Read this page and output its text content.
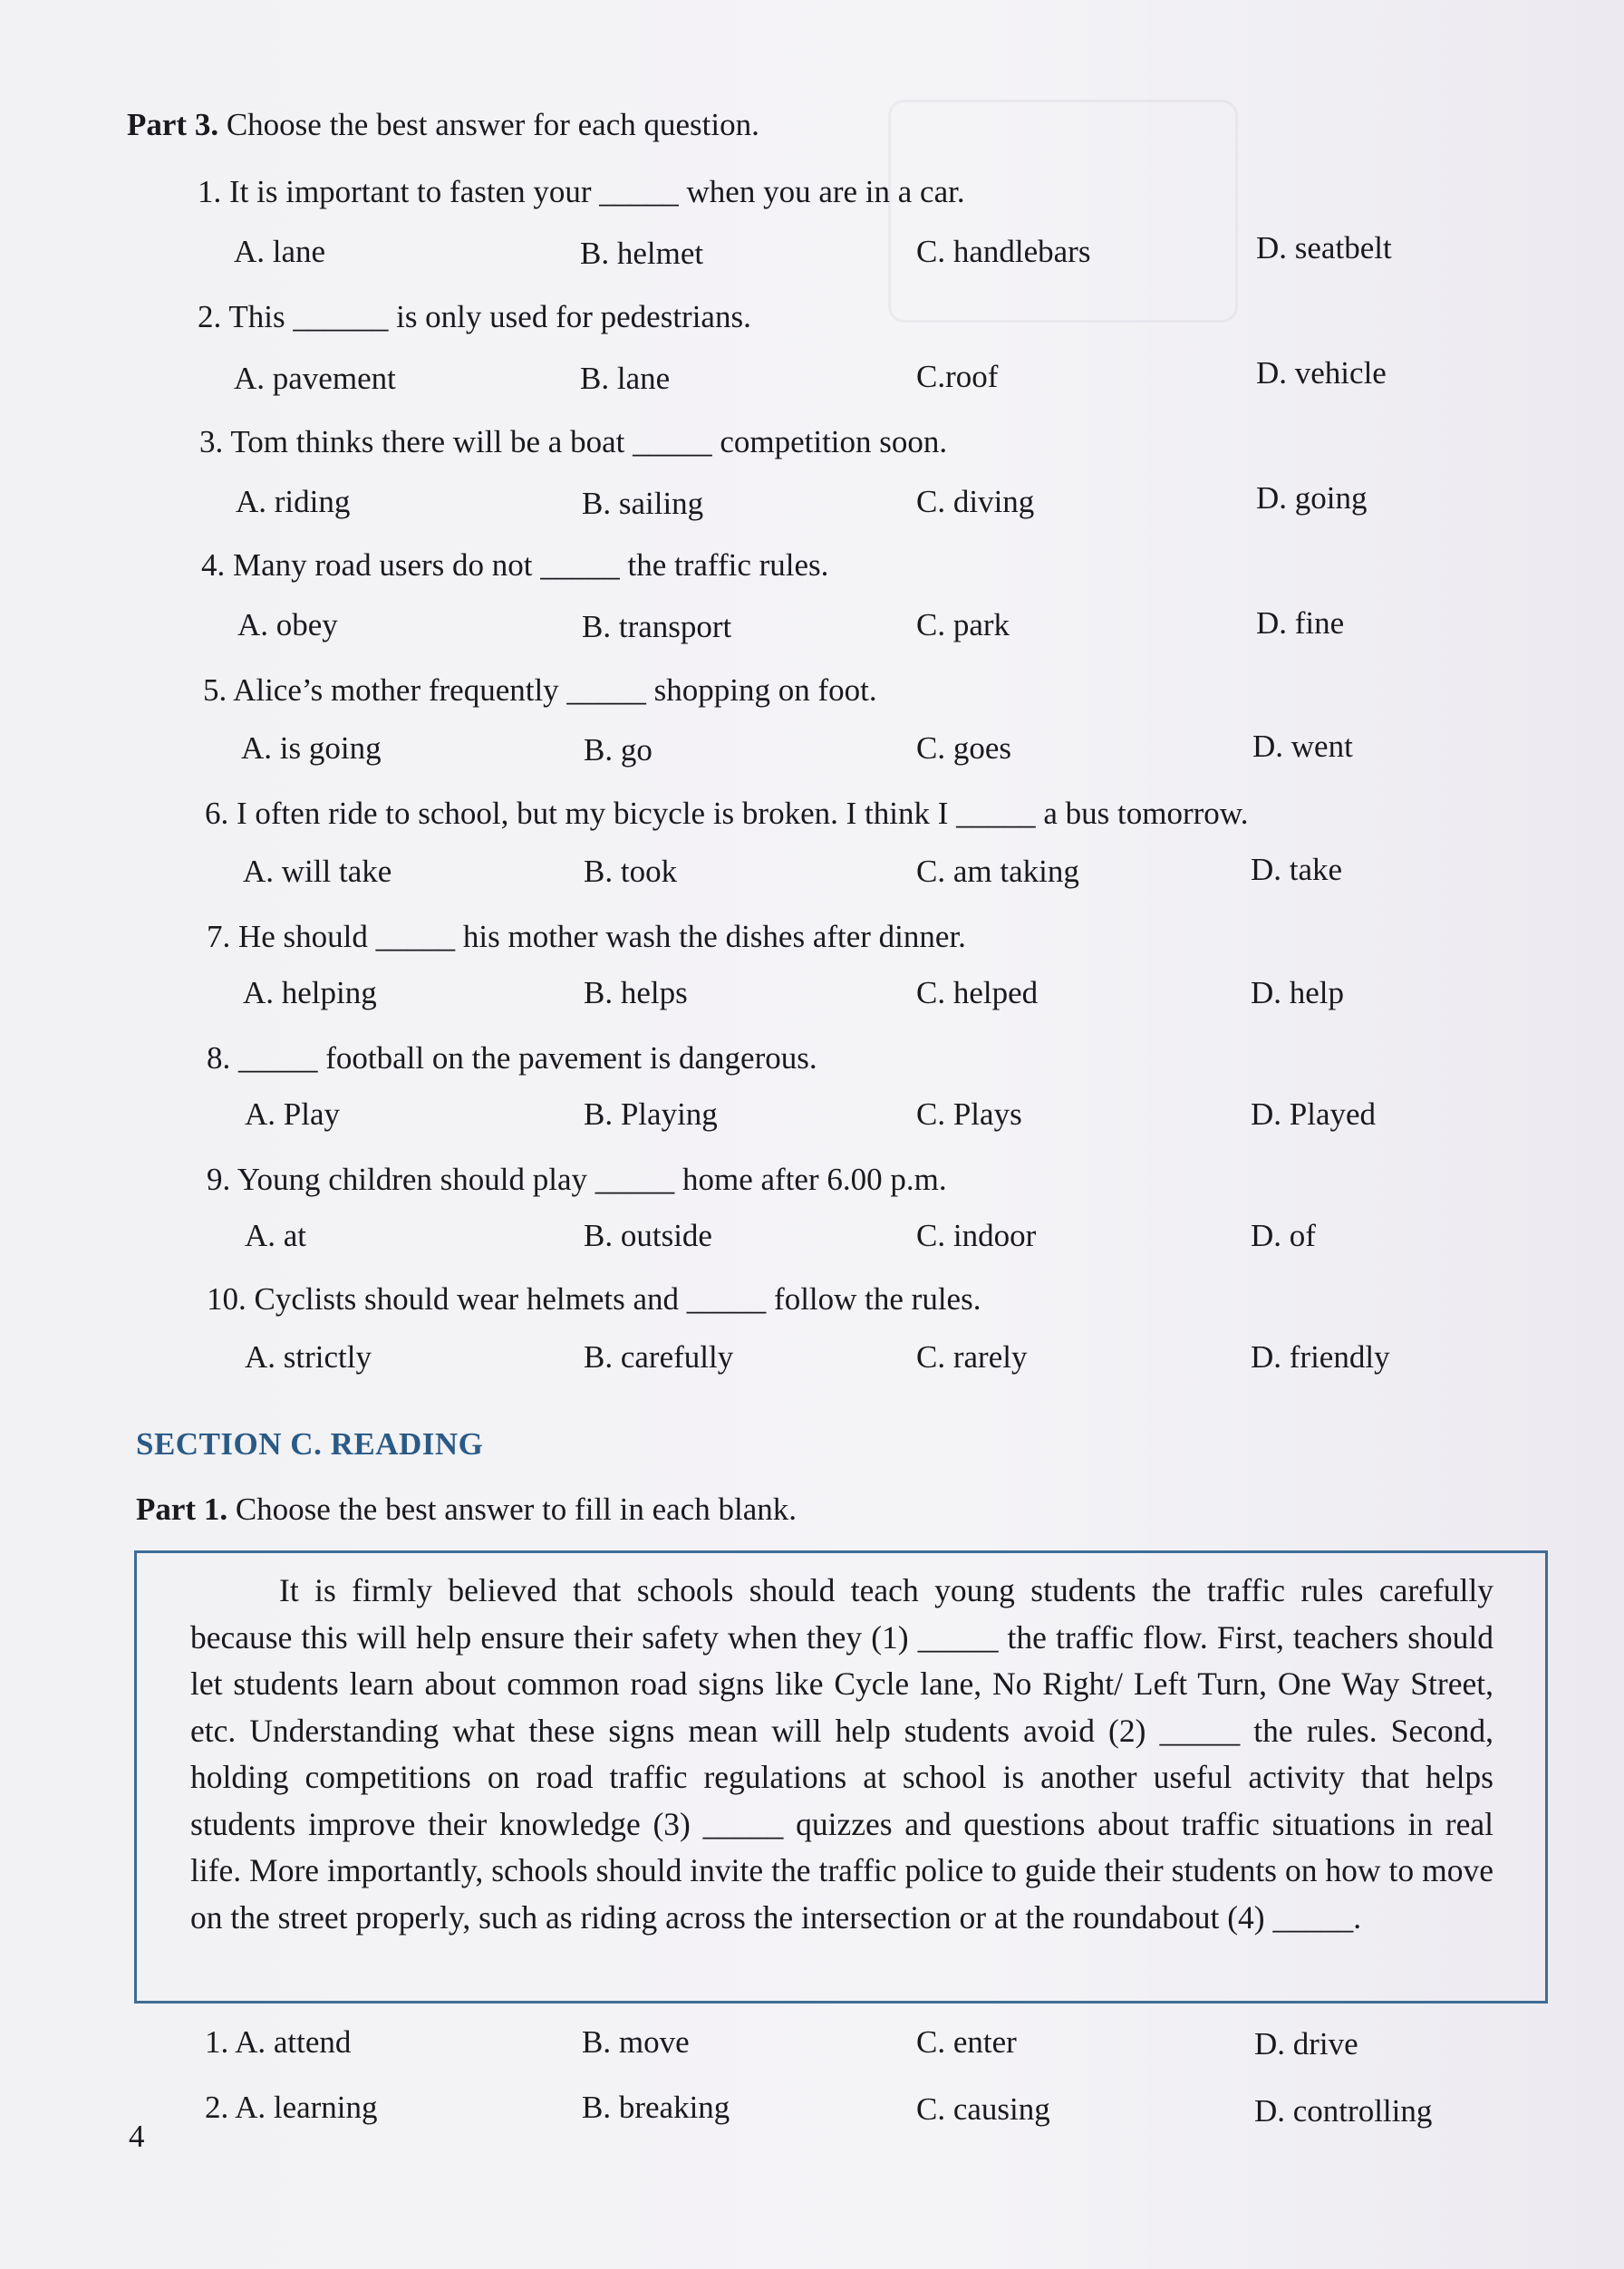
Part 3. Choose the best answer for each question.
1. It is important to fasten your _____ when you are in a car.
A. lane	B. helmet	C. handlebars	D. seatbelt
2. This ______ is only used for pedestrians.
A. pavement	B. lane	C.roof	D. vehicle
3. Tom thinks there will be a boat _____ competition soon.
A. riding	B. sailing	C. diving	D. going
4. Many road users do not _____ the traffic rules.
A. obey	B. transport	C. park	D. fine
5. Alice’s mother frequently _____ shopping on foot.
A. is going	B. go	C. goes	D. went
6. I often ride to school, but my bicycle is broken. I think I _____ a bus tomorrow.
A. will take	B. took	C. am taking	D. take
7. He should _____ his mother wash the dishes after dinner.
A. helping	B. helps	C. helped	D. help
8. _____ football on the pavement is dangerous.
A. Play	B. Playing	C. Plays	D. Played
9. Young children should play _____ home after 6.00 p.m.
A. at	B. outside	C. indoor	D. of
10. Cyclists should wear helmets and _____ follow the rules.
A. strictly	B. carefully	C. rarely	D. friendly
SECTION C. READING
Part 1. Choose the best answer to fill in each blank.

It is firmly believed that schools should teach young students the traffic rules carefully because this will help ensure their safety when they (1) _____ the traffic flow. First, teachers should let students learn about common road signs like Cycle lane, No Right/ Left Turn, One Way Street, etc. Understanding what these signs mean will help students avoid (2) _____ the rules. Second, holding competitions on road traffic regulations at school is another useful activity that helps students improve their knowledge (3) _____ quizzes and questions about traffic situations in real life. More importantly, schools should invite the traffic police to guide their students on how to move on the street properly, such as riding across the intersection or at the roundabout (4) _____.

1. A. attend	B. move	C. enter	D. drive
2. A. learning	B. breaking	C. causing	D. controlling
4
